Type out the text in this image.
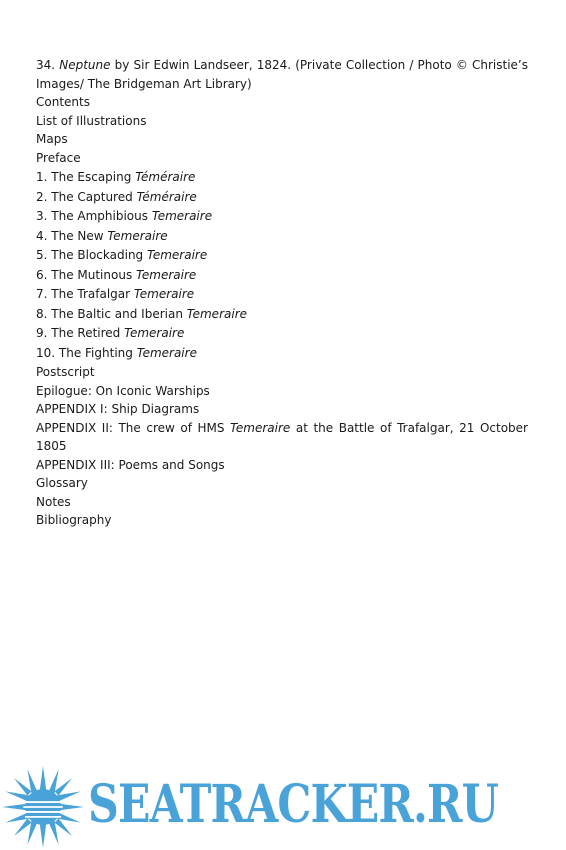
34. Neptune by Sir Edwin Landseer, 1824. (Private Collection / Photo © Christie’s Images/ The Bridgeman Art Library)

Contents
List of Illustrations
Maps
Preface
1. The Escaping Téméraire
2. The Captured Téméraire
3. The Amphibious Temeraire
4. The New Temeraire
5. The Blockading Temeraire
6. The Mutinous Temeraire
7. The Trafalgar Temeraire
8. The Baltic and Iberian Temeraire
9. The Retired Temeraire
10. The Fighting Temeraire
Postscript
Epilogue: On Iconic Warships
APPENDIX I: Ship Diagrams
APPENDIX II: The crew of HMS Temeraire at the Battle of Trafalgar, 21 October 1805
APPENDIX III: Poems and Songs
Glossary
Notes
Bibliography
SEATRACKER.RU
